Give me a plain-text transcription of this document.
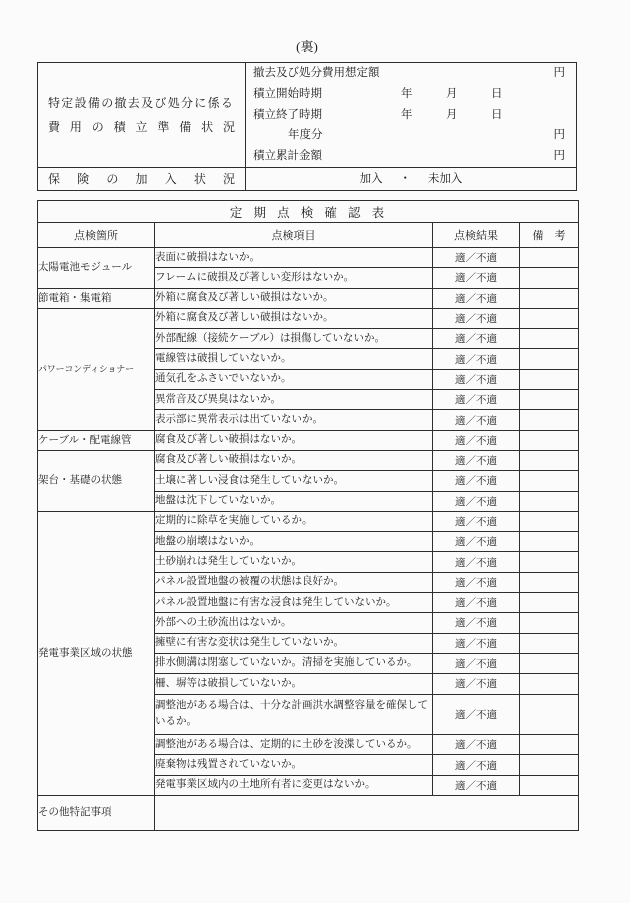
(裏)
特定設備の撤去及び処分に係る
費 用 の 積 立 準 備 状 況
撤去及び処分費用想定額	円
積立開始時期	年	月	日
積立終了時期	年	月	日
年度分	円
積立累計金額	円
保 険 の 加 入 状 況	加入 ・ 未加入
定 期 点 検 確 認 表			
点検箇所	点検項目	点検結果	備　考
太陽電池モジュール	表面に破損はないか。	適／不適	
	フレームに破損及び著しい変形はないか。	適／不適	
節電箱・集電箱	外箱に腐食及び著しい破損はないか。	適／不適	
パワーコンディショナー	外箱に腐食及び著しい破損はないか。	適／不適	
	外部配線（接続ケーブル）は損傷していないか。	適／不適	
	電線管は破損していないか。	適／不適	
	通気孔をふさいでいないか。	適／不適	
	異常音及び異臭はないか。	適／不適	
	表示部に異常表示は出ていないか。	適／不適	
ケーブル・配電線管	腐食及び著しい破損はないか。	適／不適	
架台・基礎の状態	腐食及び著しい破損はないか。	適／不適	
	土壌に著しい浸食は発生していないか。	適／不適	
	地盤は沈下していないか。	適／不適	
発電事業区域の状態	定期的に除草を実施しているか。	適／不適	
	地盤の崩壊はないか。	適／不適	
	土砂崩れは発生していないか。	適／不適	
	パネル設置地盤の被覆の状態は良好か。	適／不適	
	パネル設置地盤に有害な浸食は発生していないか。	適／不適	
	外部への土砂流出はないか。	適／不適	
	擁壁に有害な変状は発生していないか。	適／不適	
	排水側溝は閉塞していないか。清掃を実施しているか。	適／不適	
	柵、塀等は破損していないか。	適／不適	
	調整池がある場合は、十分な計画洪水調整容量を確保しているか。	適／不適	
	調整池がある場合は、定期的に土砂を浚渫しているか。	適／不適	
	廃棄物は残置されていないか。	適／不適	
	発電事業区域内の土地所有者に変更はないか。	適／不適	
その他特記事項			
